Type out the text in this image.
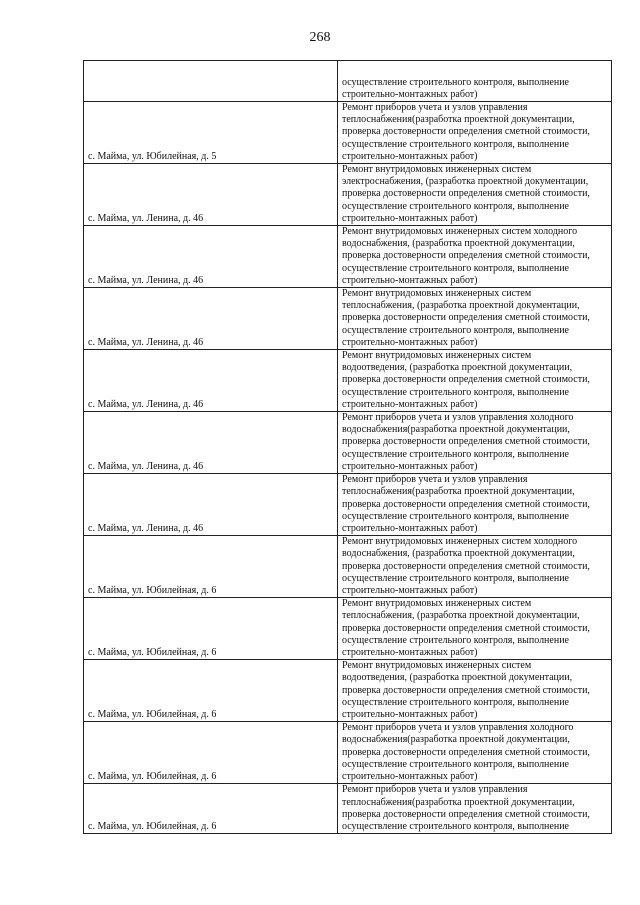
268

	осуществление строительного контроля, выполнение
строительно-монтажных работ)

с. Майма, ул. Юбилейная, д. 5	Ремонт приборов учета и узлов управления
теплоснабжения(разработка проектной документации,
проверка достоверности определения сметной стоимости,
осуществление строительного контроля, выполнение
строительно-монтажных работ)

с. Майма, ул. Ленина, д. 46	Ремонт внутридомовых инженерных систем
электроснабжения, (разработка проектной документации,
проверка достоверности определения сметной стоимости,
осуществление строительного контроля, выполнение
строительно-монтажных работ)

с. Майма, ул. Ленина, д. 46	Ремонт внутридомовых инженерных систем холодного
водоснабжения, (разработка проектной документации,
проверка достоверности определения сметной стоимости,
осуществление строительного контроля, выполнение
строительно-монтажных работ)

с. Майма, ул. Ленина, д. 46	Ремонт внутридомовых инженерных систем
теплоснабжения, (разработка проектной документации,
проверка достоверности определения сметной стоимости,
осуществление строительного контроля, выполнение
строительно-монтажных работ)

с. Майма, ул. Ленина, д. 46	Ремонт внутридомовых инженерных систем
водоотведения, (разработка проектной документации,
проверка достоверности определения сметной стоимости,
осуществление строительного контроля, выполнение
строительно-монтажных работ)

с. Майма, ул. Ленина, д. 46	Ремонт приборов учета и узлов управления холодного
водоснабжения(разработка проектной документации,
проверка достоверности определения сметной стоимости,
осуществление строительного контроля, выполнение
строительно-монтажных работ)

с. Майма, ул. Ленина, д. 46	Ремонт приборов учета и узлов управления
теплоснабжения(разработка проектной документации,
проверка достоверности определения сметной стоимости,
осуществление строительного контроля, выполнение
строительно-монтажных работ)

с. Майма, ул. Юбилейная, д. 6	Ремонт внутридомовых инженерных систем холодного
водоснабжения, (разработка проектной документации,
проверка достоверности определения сметной стоимости,
осуществление строительного контроля, выполнение
строительно-монтажных работ)

с. Майма, ул. Юбилейная, д. 6	Ремонт внутридомовых инженерных систем
теплоснабжения, (разработка проектной документации,
проверка достоверности определения сметной стоимости,
осуществление строительного контроля, выполнение
строительно-монтажных работ)

с. Майма, ул. Юбилейная, д. 6	Ремонт внутридомовых инженерных систем
водоотведения, (разработка проектной документации,
проверка достоверности определения сметной стоимости,
осуществление строительного контроля, выполнение
строительно-монтажных работ)

с. Майма, ул. Юбилейная, д. 6	Ремонт приборов учета и узлов управления холодного
водоснабжения(разработка проектной документации,
проверка достоверности определения сметной стоимости,
осуществление строительного контроля, выполнение
строительно-монтажных работ)

с. Майма, ул. Юбилейная, д. 6	Ремонт приборов учета и узлов управления
теплоснабжения(разработка проектной документации,
проверка достоверности определения сметной стоимости,
осуществление строительного контроля, выполнение
